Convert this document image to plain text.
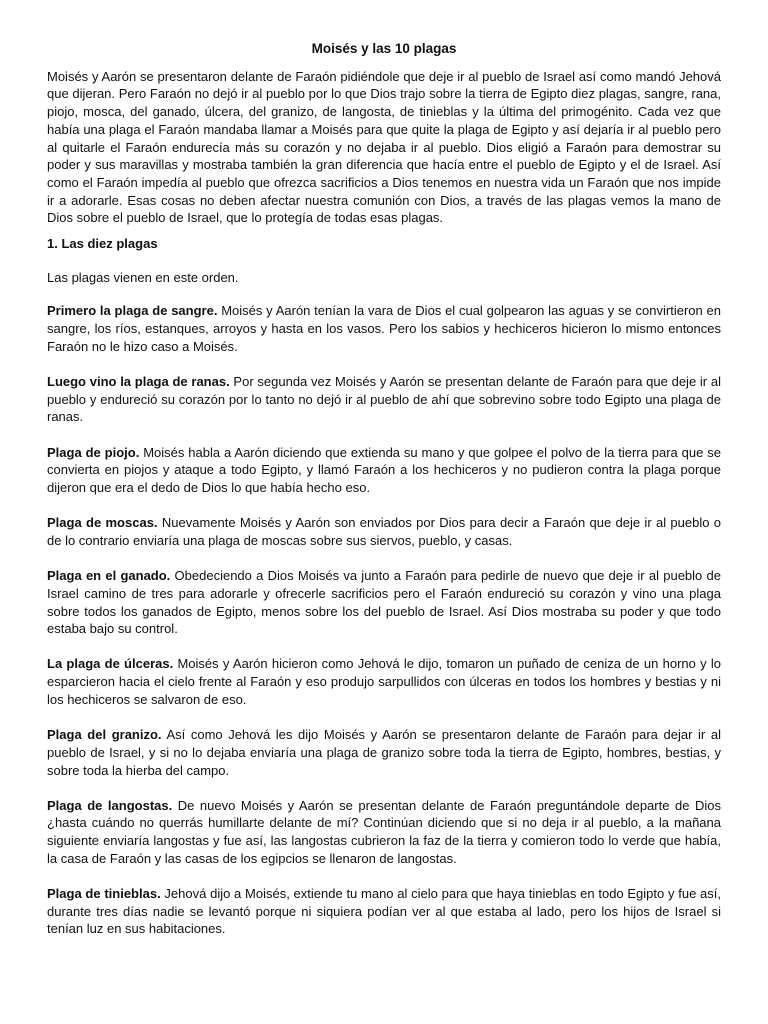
Moisés y las 10 plagas

Moisés y Aarón se presentaron delante de Faraón pidiéndole que deje ir al pueblo de Israel así como mandó Jehová que dijeran. Pero Faraón no dejó ir al pueblo por lo que Dios trajo sobre la tierra de Egipto diez plagas, sangre, rana, piojo, mosca, del ganado, úlcera, del granizo, de langosta, de tinieblas y la última del primogénito. Cada vez que había una plaga el Faraón mandaba llamar a Moisés para que quite la plaga de Egipto y así dejaría ir al pueblo pero al quitarle el Faraón endurecía más su corazón y no dejaba ir al pueblo. Dios eligió a Faraón para demostrar su poder y sus maravillas y mostraba también la gran diferencia que hacía entre el pueblo de Egipto y el de Israel. Así como el Faraón impedía al pueblo que ofrezca sacrificios a Dios tenemos en nuestra vida un Faraón que nos impide ir a adorarle. Esas cosas no deben afectar nuestra comunión con Dios, a través de las plagas vemos la mano de Dios sobre el pueblo de Israel, que lo protegía de todas esas plagas.

1. Las diez plagas

Las plagas vienen en este orden.

Primero la plaga de sangre. Moisés y Aarón tenían la vara de Dios el cual golpearon las aguas y se convirtieron en sangre, los ríos, estanques, arroyos y hasta en los vasos. Pero los sabios y hechiceros hicieron lo mismo entonces Faraón no le hizo caso a Moisés.

Luego vino la plaga de ranas. Por segunda vez Moisés y Aarón se presentan delante de Faraón para que deje ir al pueblo y endureció su corazón por lo tanto no dejó ir al pueblo de ahí que sobrevino sobre todo Egipto una plaga de ranas.

Plaga de piojo. Moisés habla a Aarón diciendo que extienda su mano y que golpee el polvo de la tierra para que se convierta en piojos y ataque a todo Egipto, y llamó Faraón a los hechiceros y no pudieron contra la plaga porque dijeron que era el dedo de Dios lo que había hecho eso.

Plaga de moscas. Nuevamente Moisés y Aarón son enviados por Dios para decir a Faraón que deje ir al pueblo o de lo contrario enviaría una plaga de moscas sobre sus siervos, pueblo, y casas.

Plaga en el ganado. Obedeciendo a Dios Moisés va junto a Faraón para pedirle de nuevo que deje ir al pueblo de Israel camino de tres para adorarle y ofrecerle sacrificios pero el Faraón endureció su corazón y vino una plaga sobre todos los ganados de Egipto, menos sobre los del pueblo de Israel. Así Dios mostraba su poder y que todo estaba bajo su control.

La plaga de úlceras. Moisés y Aarón hicieron como Jehová le dijo, tomaron un puñado de ceniza de un horno y lo esparcieron hacia el cielo frente al Faraón y eso produjo sarpullidos con úlceras en todos los hombres y bestias y ni los hechiceros se salvaron de eso.

Plaga del granizo. Así como Jehová les dijo Moisés y Aarón se presentaron delante de Faraón para dejar ir al pueblo de Israel, y si no lo dejaba enviaría una plaga de granizo sobre toda la tierra de Egipto, hombres, bestias, y sobre toda la hierba del campo.

Plaga de langostas. De nuevo Moisés y Aarón se presentan delante de Faraón preguntándole departe de Dios ¿hasta cuándo no querrás humillarte delante de mí? Continúan diciendo que si no deja ir al pueblo, a la mañana siguiente enviaría langostas y fue así, las langostas cubrieron la faz de la tierra y comieron todo lo verde que había, la casa de Faraón y las casas de los egipcios se llenaron de langostas.

Plaga de tinieblas. Jehová dijo a Moisés, extiende tu mano al cielo para que haya tinieblas en todo Egipto y fue así, durante tres días nadie se levantó porque ni siquiera podían ver al que estaba al lado, pero los hijos de Israel si tenían luz en sus habitaciones.
